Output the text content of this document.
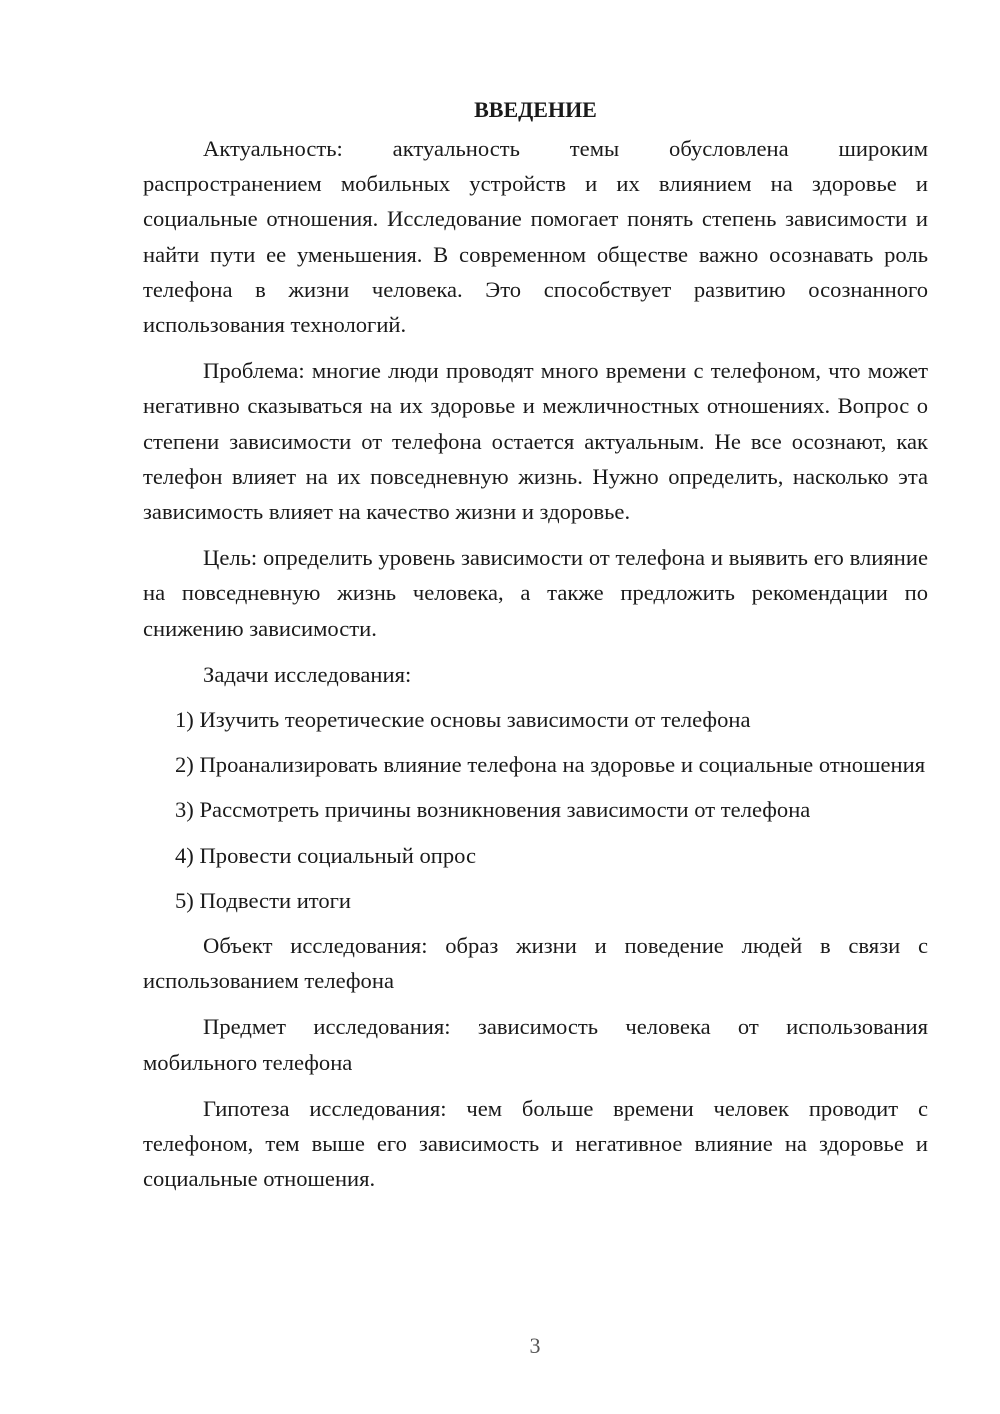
ВВЕДЕНИЕ

Актуальность: актуальность темы обусловлена широким распространением мобильных устройств и их влиянием на здоровье и социальные отношения. Исследование помогает понять степень зависимости и найти пути ее уменьшения. В современном обществе важно осознавать роль телефона в жизни человека. Это способствует развитию осознанного использования технологий.

Проблема: многие люди проводят много времени с телефоном, что может негативно сказываться на их здоровье и межличностных отношениях. Вопрос о степени зависимости от телефона остается актуальным. Не все осознают, как телефон влияет на их повседневную жизнь. Нужно определить, насколько эта зависимость влияет на качество жизни и здоровье.

Цель: определить уровень зависимости от телефона и выявить его влияние на повседневную жизнь человека, а также предложить рекомендации по снижению зависимости.

Задачи исследования:

1) Изучить теоретические основы зависимости от телефона

2) Проанализировать влияние телефона на здоровье и социальные отношения

3) Рассмотреть причины возникновения зависимости от телефона

4) Провести социальный опрос

5) Подвести итоги

Объект исследования: образ жизни и поведение людей в связи с использованием телефона

Предмет исследования: зависимость человека от использования мобильного телефона

Гипотеза исследования: чем больше времени человек проводит с телефоном, тем выше его зависимость и негативное влияние на здоровье и социальные отношения.

3
